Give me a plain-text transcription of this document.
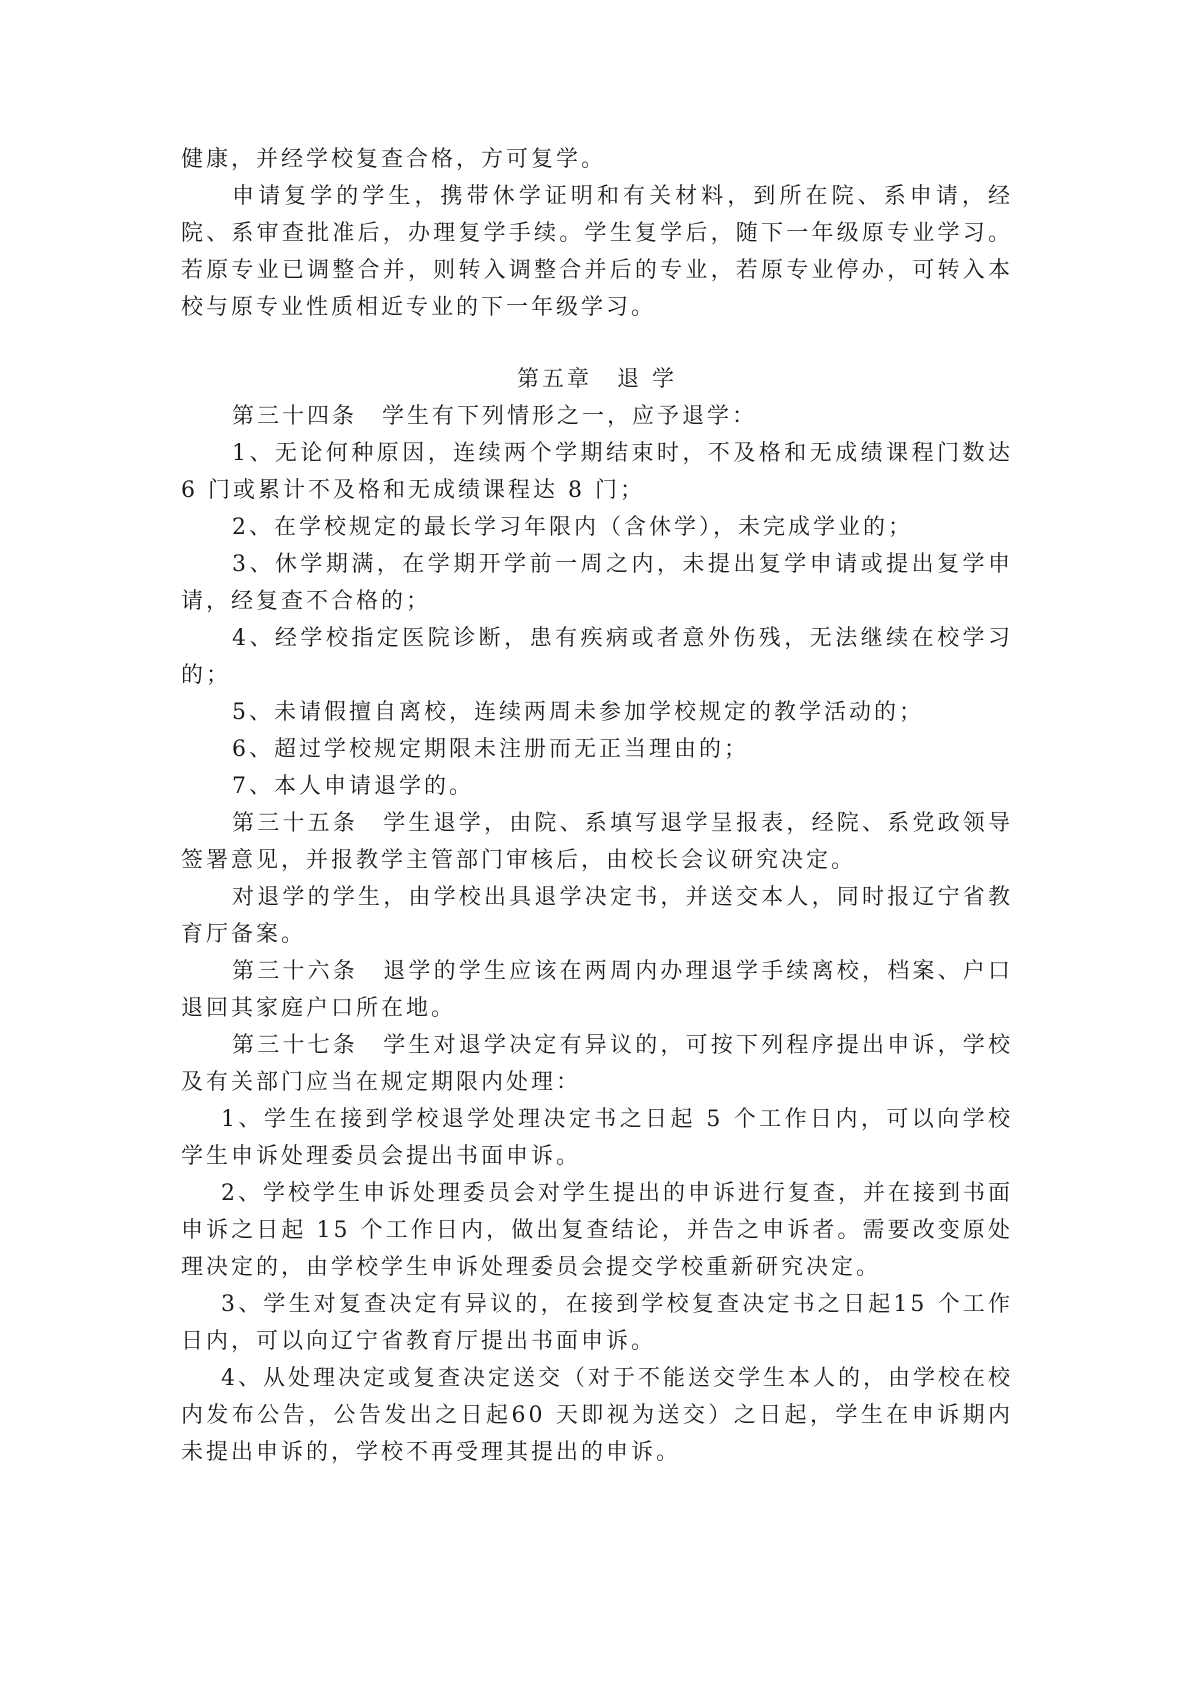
健康，并经学校复查合格，方可复学。

申请复学的学生，携带休学证明和有关材料，到所在院、系申请，经院、系审查批准后，办理复学手续。学生复学后，随下一年级原专业学习。若原专业已调整合并，则转入调整合并后的专业，若原专业停办，可转入本校与原专业性质相近专业的下一年级学习。

第五章　退 学

第三十四条　学生有下列情形之一，应予退学：

1、无论何种原因，连续两个学期结束时，不及格和无成绩课程门数达 6 门或累计不及格和无成绩课程达 8 门；

2、在学校规定的最长学习年限内（含休学），未完成学业的；

3、休学期满，在学期开学前一周之内，未提出复学申请或提出复学申请，经复查不合格的；

4、经学校指定医院诊断，患有疾病或者意外伤残，无法继续在校学习的；

5、未请假擅自离校，连续两周未参加学校规定的教学活动的；

6、超过学校规定期限未注册而无正当理由的；

7、本人申请退学的。

第三十五条　学生退学，由院、系填写退学呈报表，经院、系党政领导签署意见，并报教学主管部门审核后，由校长会议研究决定。

对退学的学生，由学校出具退学决定书，并送交本人，同时报辽宁省教育厅备案。

第三十六条　退学的学生应该在两周内办理退学手续离校，档案、户口退回其家庭户口所在地。

第三十七条　学生对退学决定有异议的，可按下列程序提出申诉，学校及有关部门应当在规定期限内处理：

1、学生在接到学校退学处理决定书之日起 5 个工作日内，可以向学校学生申诉处理委员会提出书面申诉。

2、学校学生申诉处理委员会对学生提出的申诉进行复查，并在接到书面申诉之日起 15 个工作日内，做出复查结论，并告之申诉者。需要改变原处理决定的，由学校学生申诉处理委员会提交学校重新研究决定。

3、学生对复查决定有异议的，在接到学校复查决定书之日起15 个工作日内，可以向辽宁省教育厅提出书面申诉。

4、从处理决定或复查决定送交（对于不能送交学生本人的，由学校在校内发布公告，公告发出之日起60 天即视为送交）之日起，学生在申诉期内未提出申诉的，学校不再受理其提出的申诉。
